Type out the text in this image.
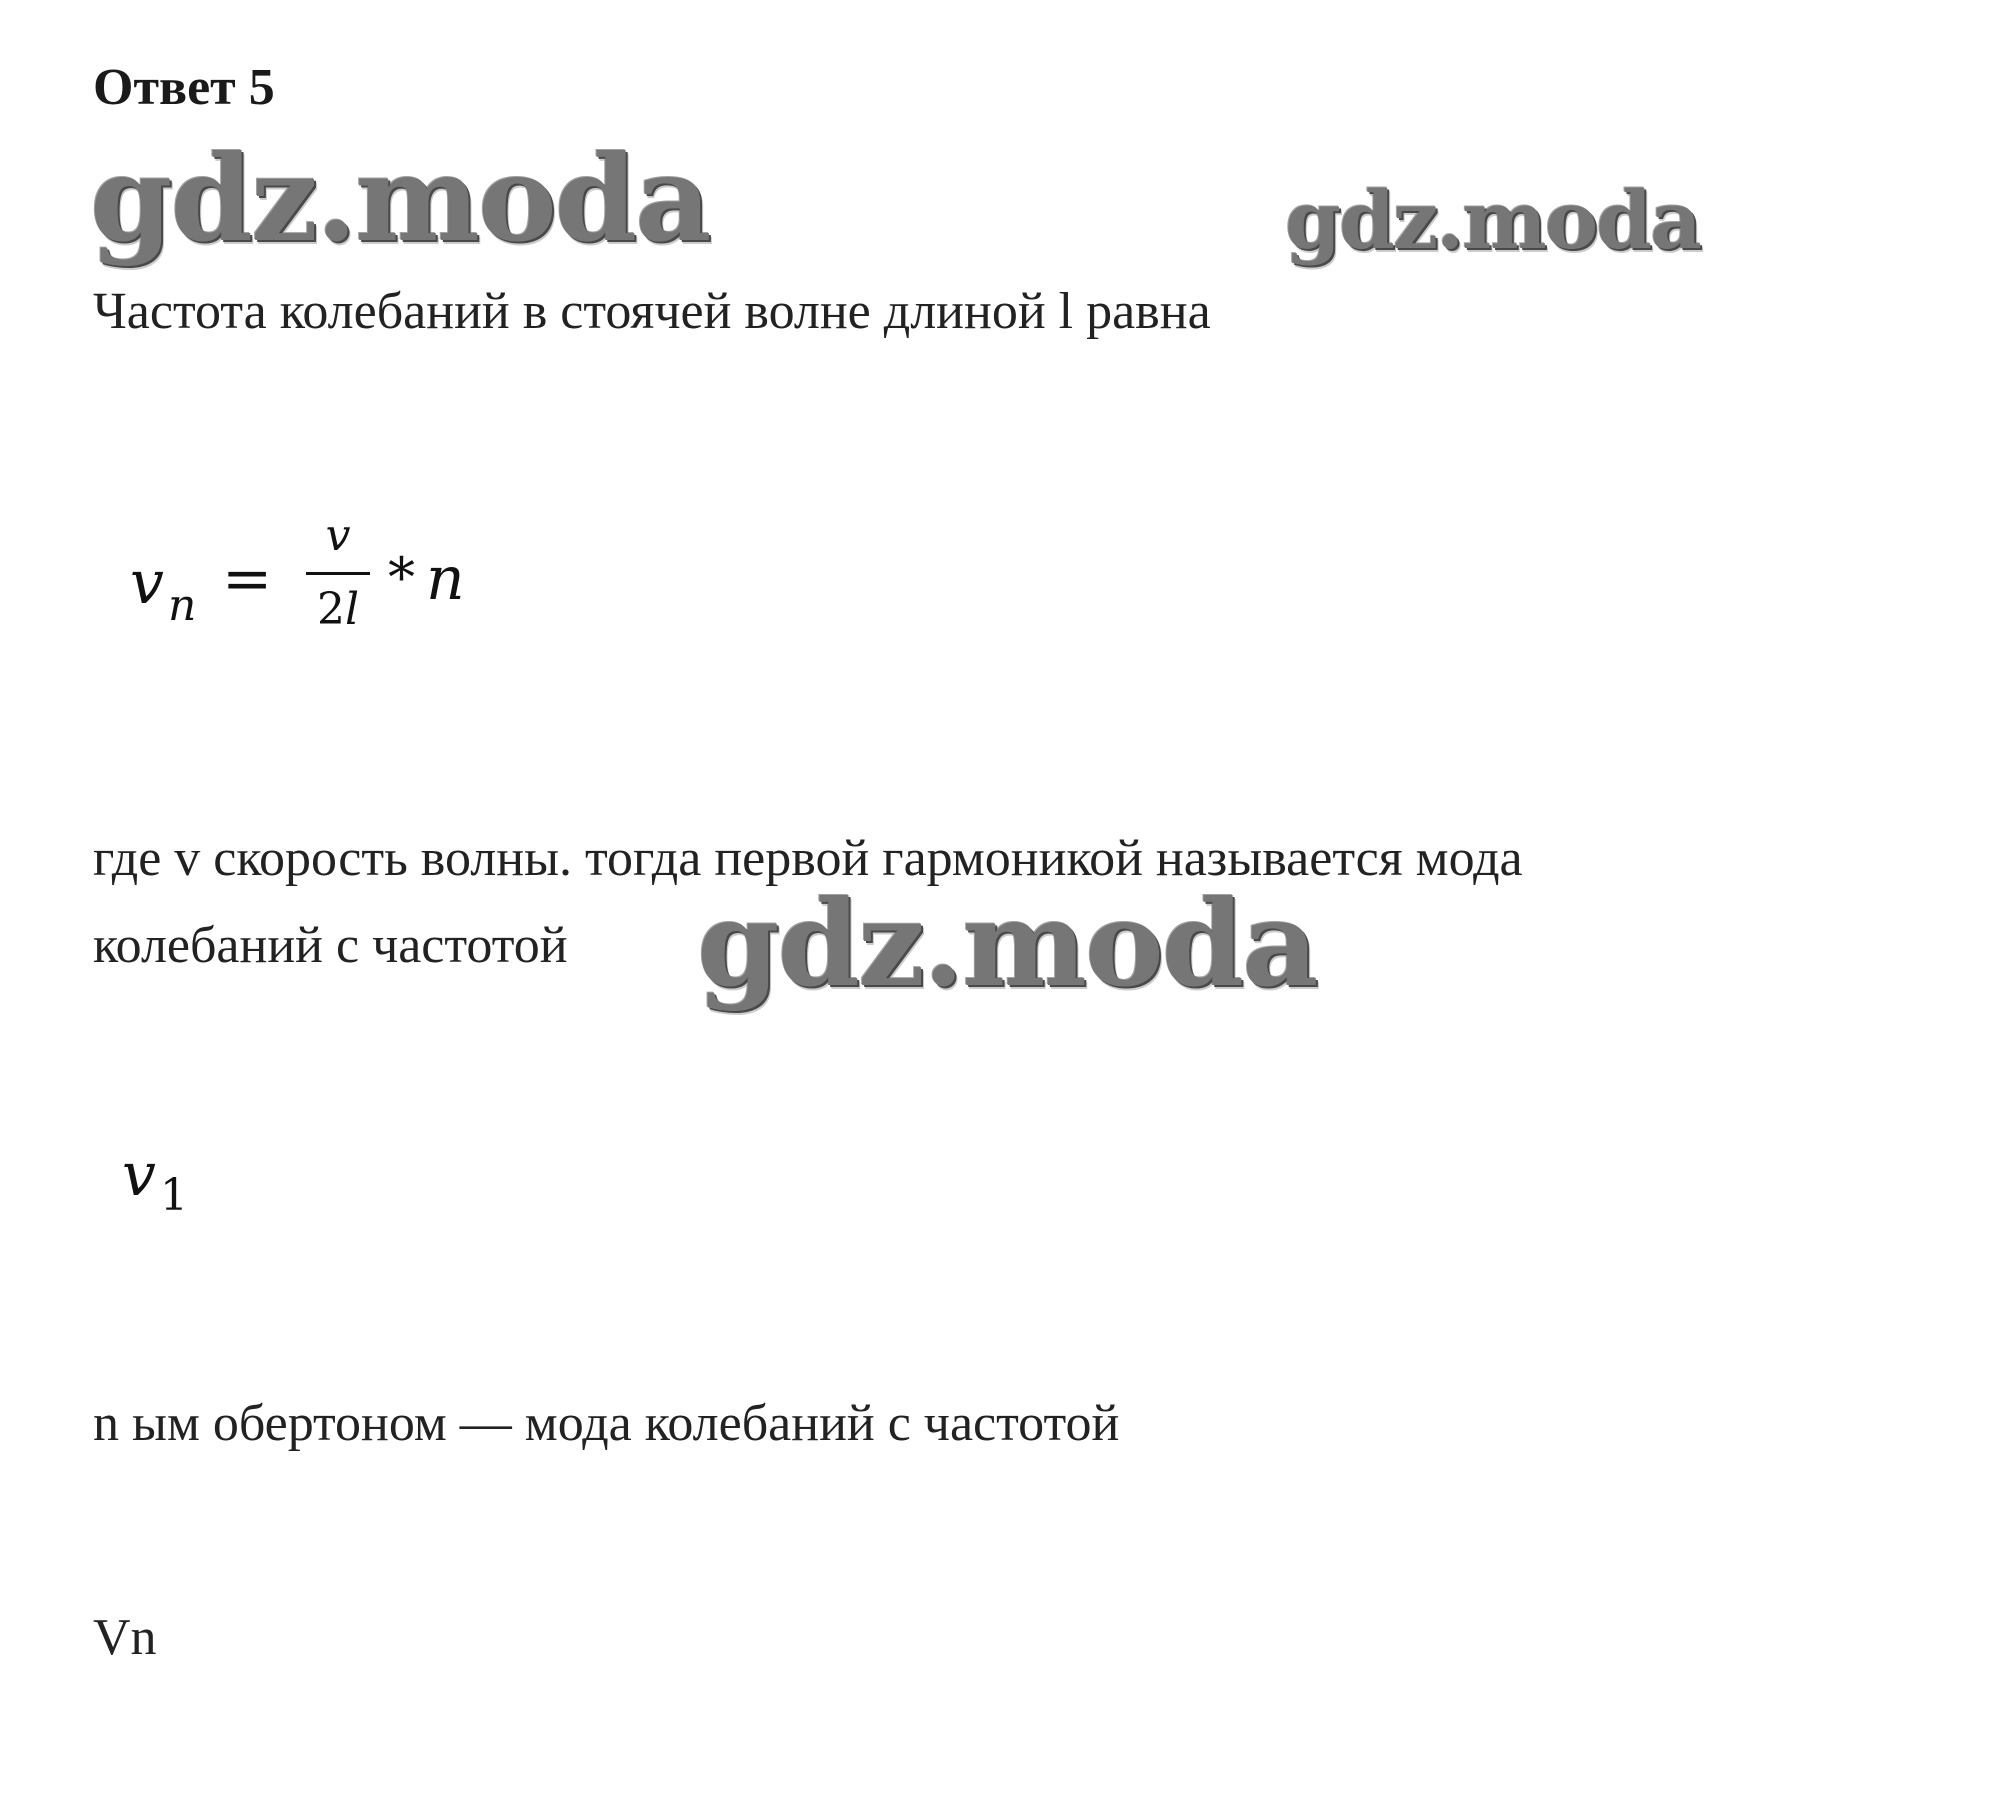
Ответ 5
gdz.moda	gdz.moda
Частота колебаний в стоячей волне длиной l равна
v n =
v
2l
* n
где v скорость волны. тогда первой гармоникой называется мода
колебаний с частотой gdz.moda
v 1
n ым обертоном — мода колебаний с частотой
Vn
